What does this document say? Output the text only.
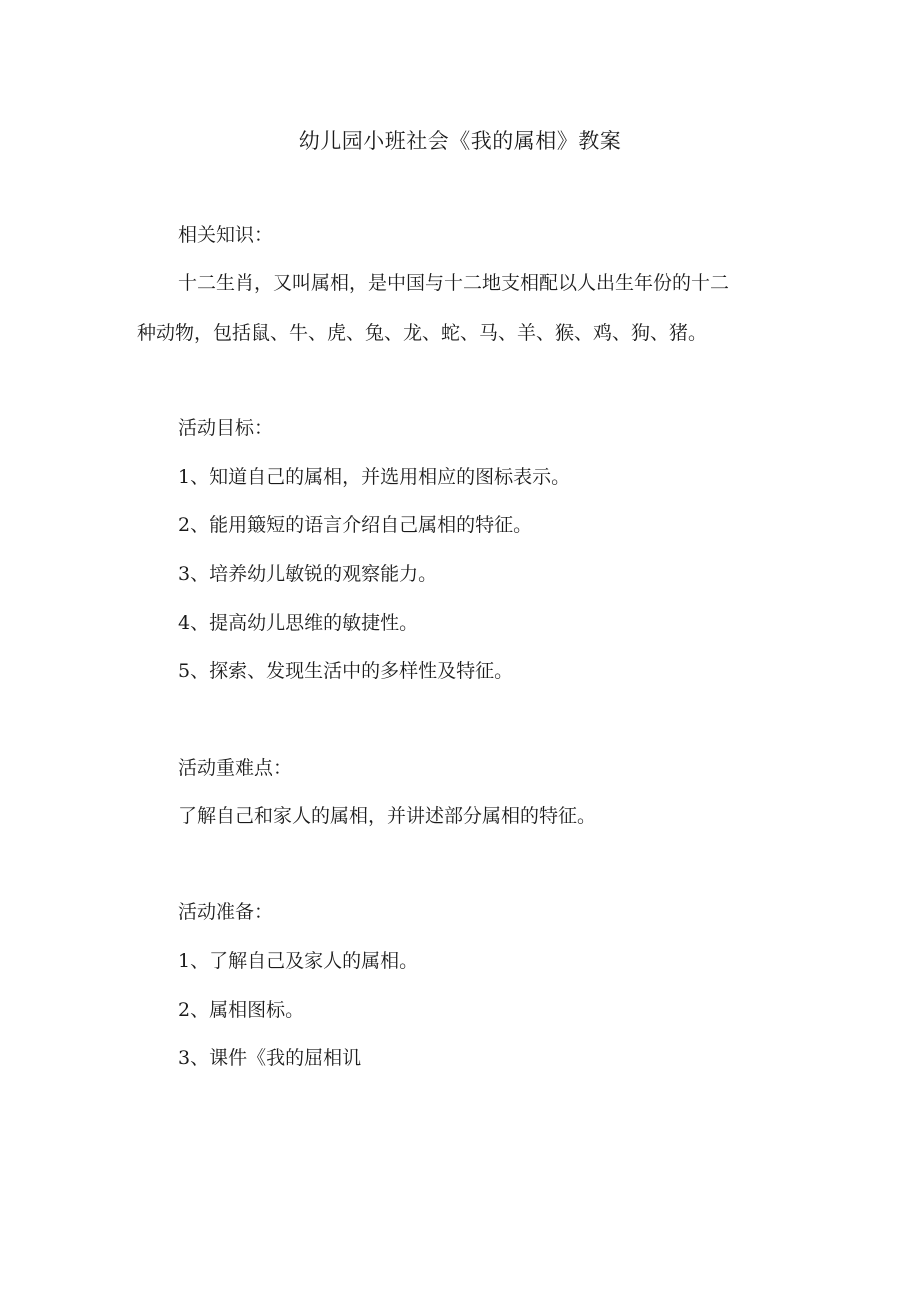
幼儿园小班社会《我的属相》教案
相关知识：
十二生肖，又叫属相，是中国与十二地支相配以人出生年份的十二
种动物，包括鼠、牛、虎、兔、龙、蛇、马、羊、猴、鸡、狗、猪。
活动目标：
1、知道自己的属相，并选用相应的图标表示。
2、能用簸短的语言介绍自己属相的特征。
3、培养幼儿敏锐的观察能力。
4、提高幼儿思维的敏捷性。
5、探索、发现生活中的多样性及特征。
活动重难点：
了解自己和家人的属相，并讲述部分属相的特征。
活动准备：
1、了解自己及家人的属相。
2、属相图标。
3、课件《我的屈相讥
